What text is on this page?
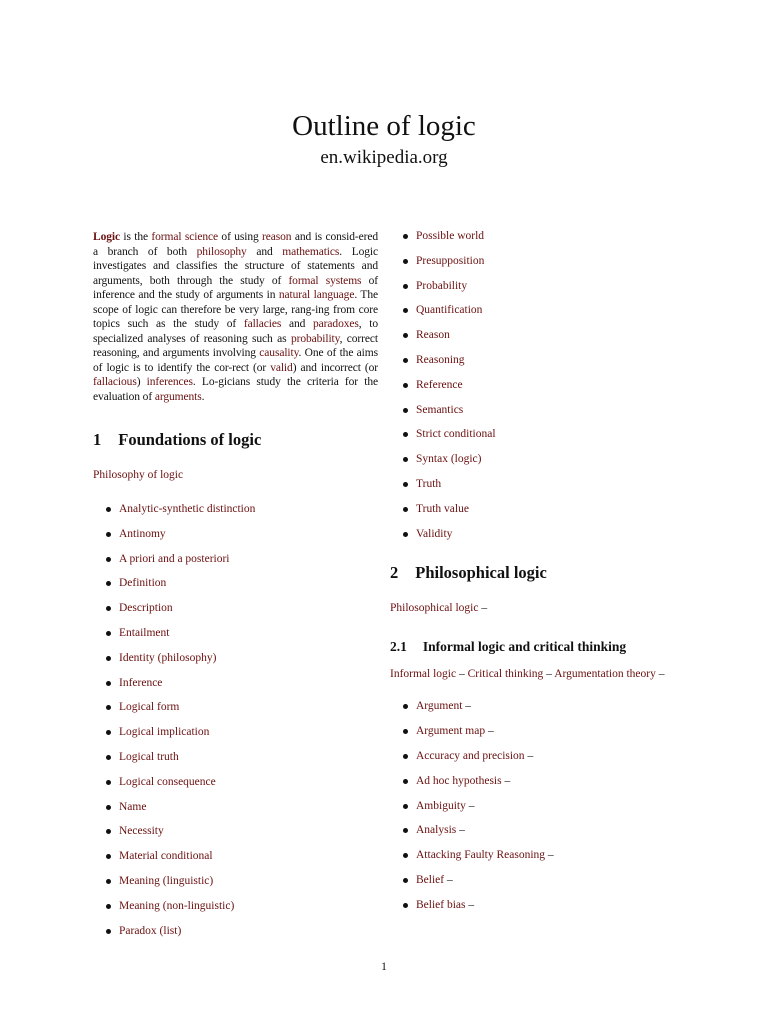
Outline of logic
en.wikipedia.org

Logic is the formal science of using reason and is consid-ered a branch of both philosophy and mathematics. Logic investigates and classifies the structure of statements and arguments, both through the study of formal systems of inference and the study of arguments in natural language. The scope of logic can therefore be very large, rang-ing from core topics such as the study of fallacies and paradoxes, to specialized analyses of reasoning such as probability, correct reasoning, and arguments involving causality. One of the aims of logic is to identify the cor-rect (or valid) and incorrect (or fallacious) inferences. Lo-gicians study the criteria for the evaluation of arguments.

1 Foundations of logic

Philosophy of logic

Analytic-synthetic distinction
Antinomy
A priori and a posteriori
Definition
Description
Entailment
Identity (philosophy)
Inference
Logical form
Logical implication
Logical truth
Logical consequence
Name
Necessity
Material conditional
Meaning (linguistic)
Meaning (non-linguistic)
Paradox (list)
Possible world
Presupposition
Probability
Quantification
Reason
Reasoning
Reference
Semantics
Strict conditional
Syntax (logic)
Truth
Truth value
Validity
2 Philosophical logic

Philosophical logic –

2.1 Informal logic and critical thinking

Informal logic – Critical thinking – Argumentation theory –

Argument –
Argument map –
Accuracy and precision –
Ad hoc hypothesis –
Ambiguity –
Analysis –
Attacking Faulty Reasoning –
Belief –
Belief bias –
1
